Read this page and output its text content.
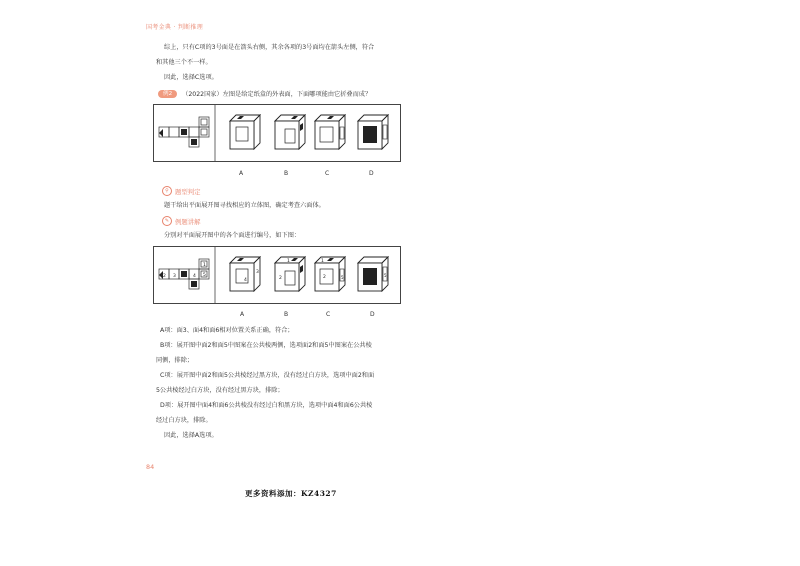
国考金典 · 判断推理
综上，只有C项的3号面是在箭头右侧，其余各项的3号面均在箭头左侧，符合
和其他三个不一样。
因此，选择C选项。
例2	（2022国家）左图是给定纸盒的外表面，下面哪项能由它折叠而成？
A	B	C	D
⚲ 题型判定
题干给出平面展开图寻找相应的立体图，确定考查六面体。
✎ 例题讲解
分别对平面展开图中的各个面进行编号，如下图：
2 3	4
1
5
6
3
4
1
2
1
2	5	5
A	B	C	D
A项：面3、面4和面6相对位置关系正确，符合；
B项：展开图中面2和面5中图案在公共棱两侧，选项面2和面5中图案在公共棱
同侧，排除；
C项：展开图中面2和面5公共棱经过黑方块，没有经过白方块，选项中面2和面
5公共棱经过白方块，没有经过黑方块，排除；
D项：展开图中面4和面6公共棱没有经过白和黑方块，选项中面4和面6公共棱
经过白方块，排除。
因此，选择A选项。
84
更多资料添加：KZ4327
